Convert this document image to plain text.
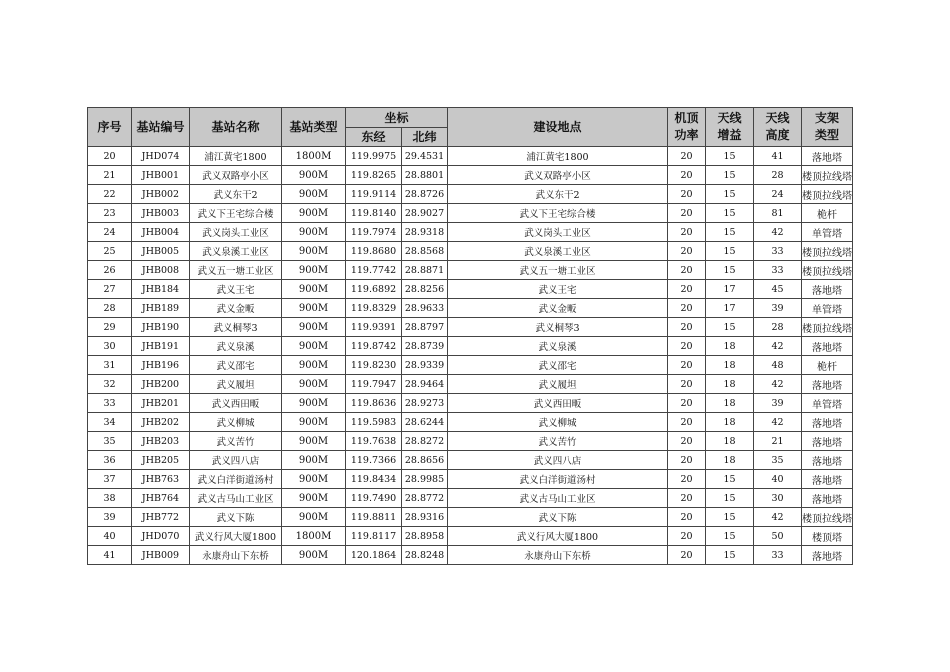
序号	基站编号	基站名称	基站类型	坐标		建设地点	机顶功率	天线增益	天线高度	支架类型

				东经	北纬					
20	JHD074	浦江黄宅1800	1800M	119.9975	29.4531	浦江黄宅1800	20	15	41	落地塔
21	JHB001	武义双路亭小区	900M	119.8265	28.8801	武义双路亭小区	20	15	28	楼顶拉线塔
22	JHB002	武义东干2	900M	119.9114	28.8726	武义东干2	20	15	24	楼顶拉线塔
23	JHB003	武义下王宅综合楼	900M	119.8140	28.9027	武义下王宅综合楼	20	15	81	桅杆
24	JHB004	武义岗头工业区	900M	119.7974	28.9318	武义岗头工业区	20	15	42	单管塔
25	JHB005	武义泉溪工业区	900M	119.8680	28.8568	武义泉溪工业区	20	15	33	楼顶拉线塔
26	JHB008	武义五一塘工业区	900M	119.7742	28.8871	武义五一塘工业区	20	15	33	楼顶拉线塔
27	JHB184	武义王宅	900M	119.6892	28.8256	武义王宅	20	17	45	落地塔
28	JHB189	武义金畈	900M	119.8329	28.9633	武义金畈	20	17	39	单管塔
29	JHB190	武义桐琴3	900M	119.9391	28.8797	武义桐琴3	20	15	28	楼顶拉线塔
30	JHB191	武义泉溪	900M	119.8742	28.8739	武义泉溪	20	18	42	落地塔
31	JHB196	武义邵宅	900M	119.8230	28.9339	武义邵宅	20	18	48	桅杆
32	JHB200	武义履坦	900M	119.7947	28.9464	武义履坦	20	18	42	落地塔
33	JHB201	武义西田畈	900M	119.8636	28.9273	武义西田畈	20	18	39	单管塔
34	JHB202	武义柳城	900M	119.5983	28.6244	武义柳城	20	18	42	落地塔
35	JHB203	武义苦竹	900M	119.7638	28.8272	武义苦竹	20	18	21	落地塔
36	JHB205	武义四八店	900M	119.7366	28.8656	武义四八店	20	18	35	落地塔
37	JHB763	武义白洋街道汤村	900M	119.8434	28.9985	武义白洋街道汤村	20	15	40	落地塔
38	JHB764	武义古马山工业区	900M	119.7490	28.8772	武义古马山工业区	20	15	30	落地塔
39	JHB772	武义下陈	900M	119.8811	28.9316	武义下陈	20	15	42	楼顶拉线塔
40	JHD070	武义行风大厦1800	1800M	119.8117	28.8958	武义行风大厦1800	20	15	50	楼顶塔
41	JHB009	永康舟山下东桥	900M	120.1864	28.8248	永康舟山下东桥	20	15	33	落地塔
